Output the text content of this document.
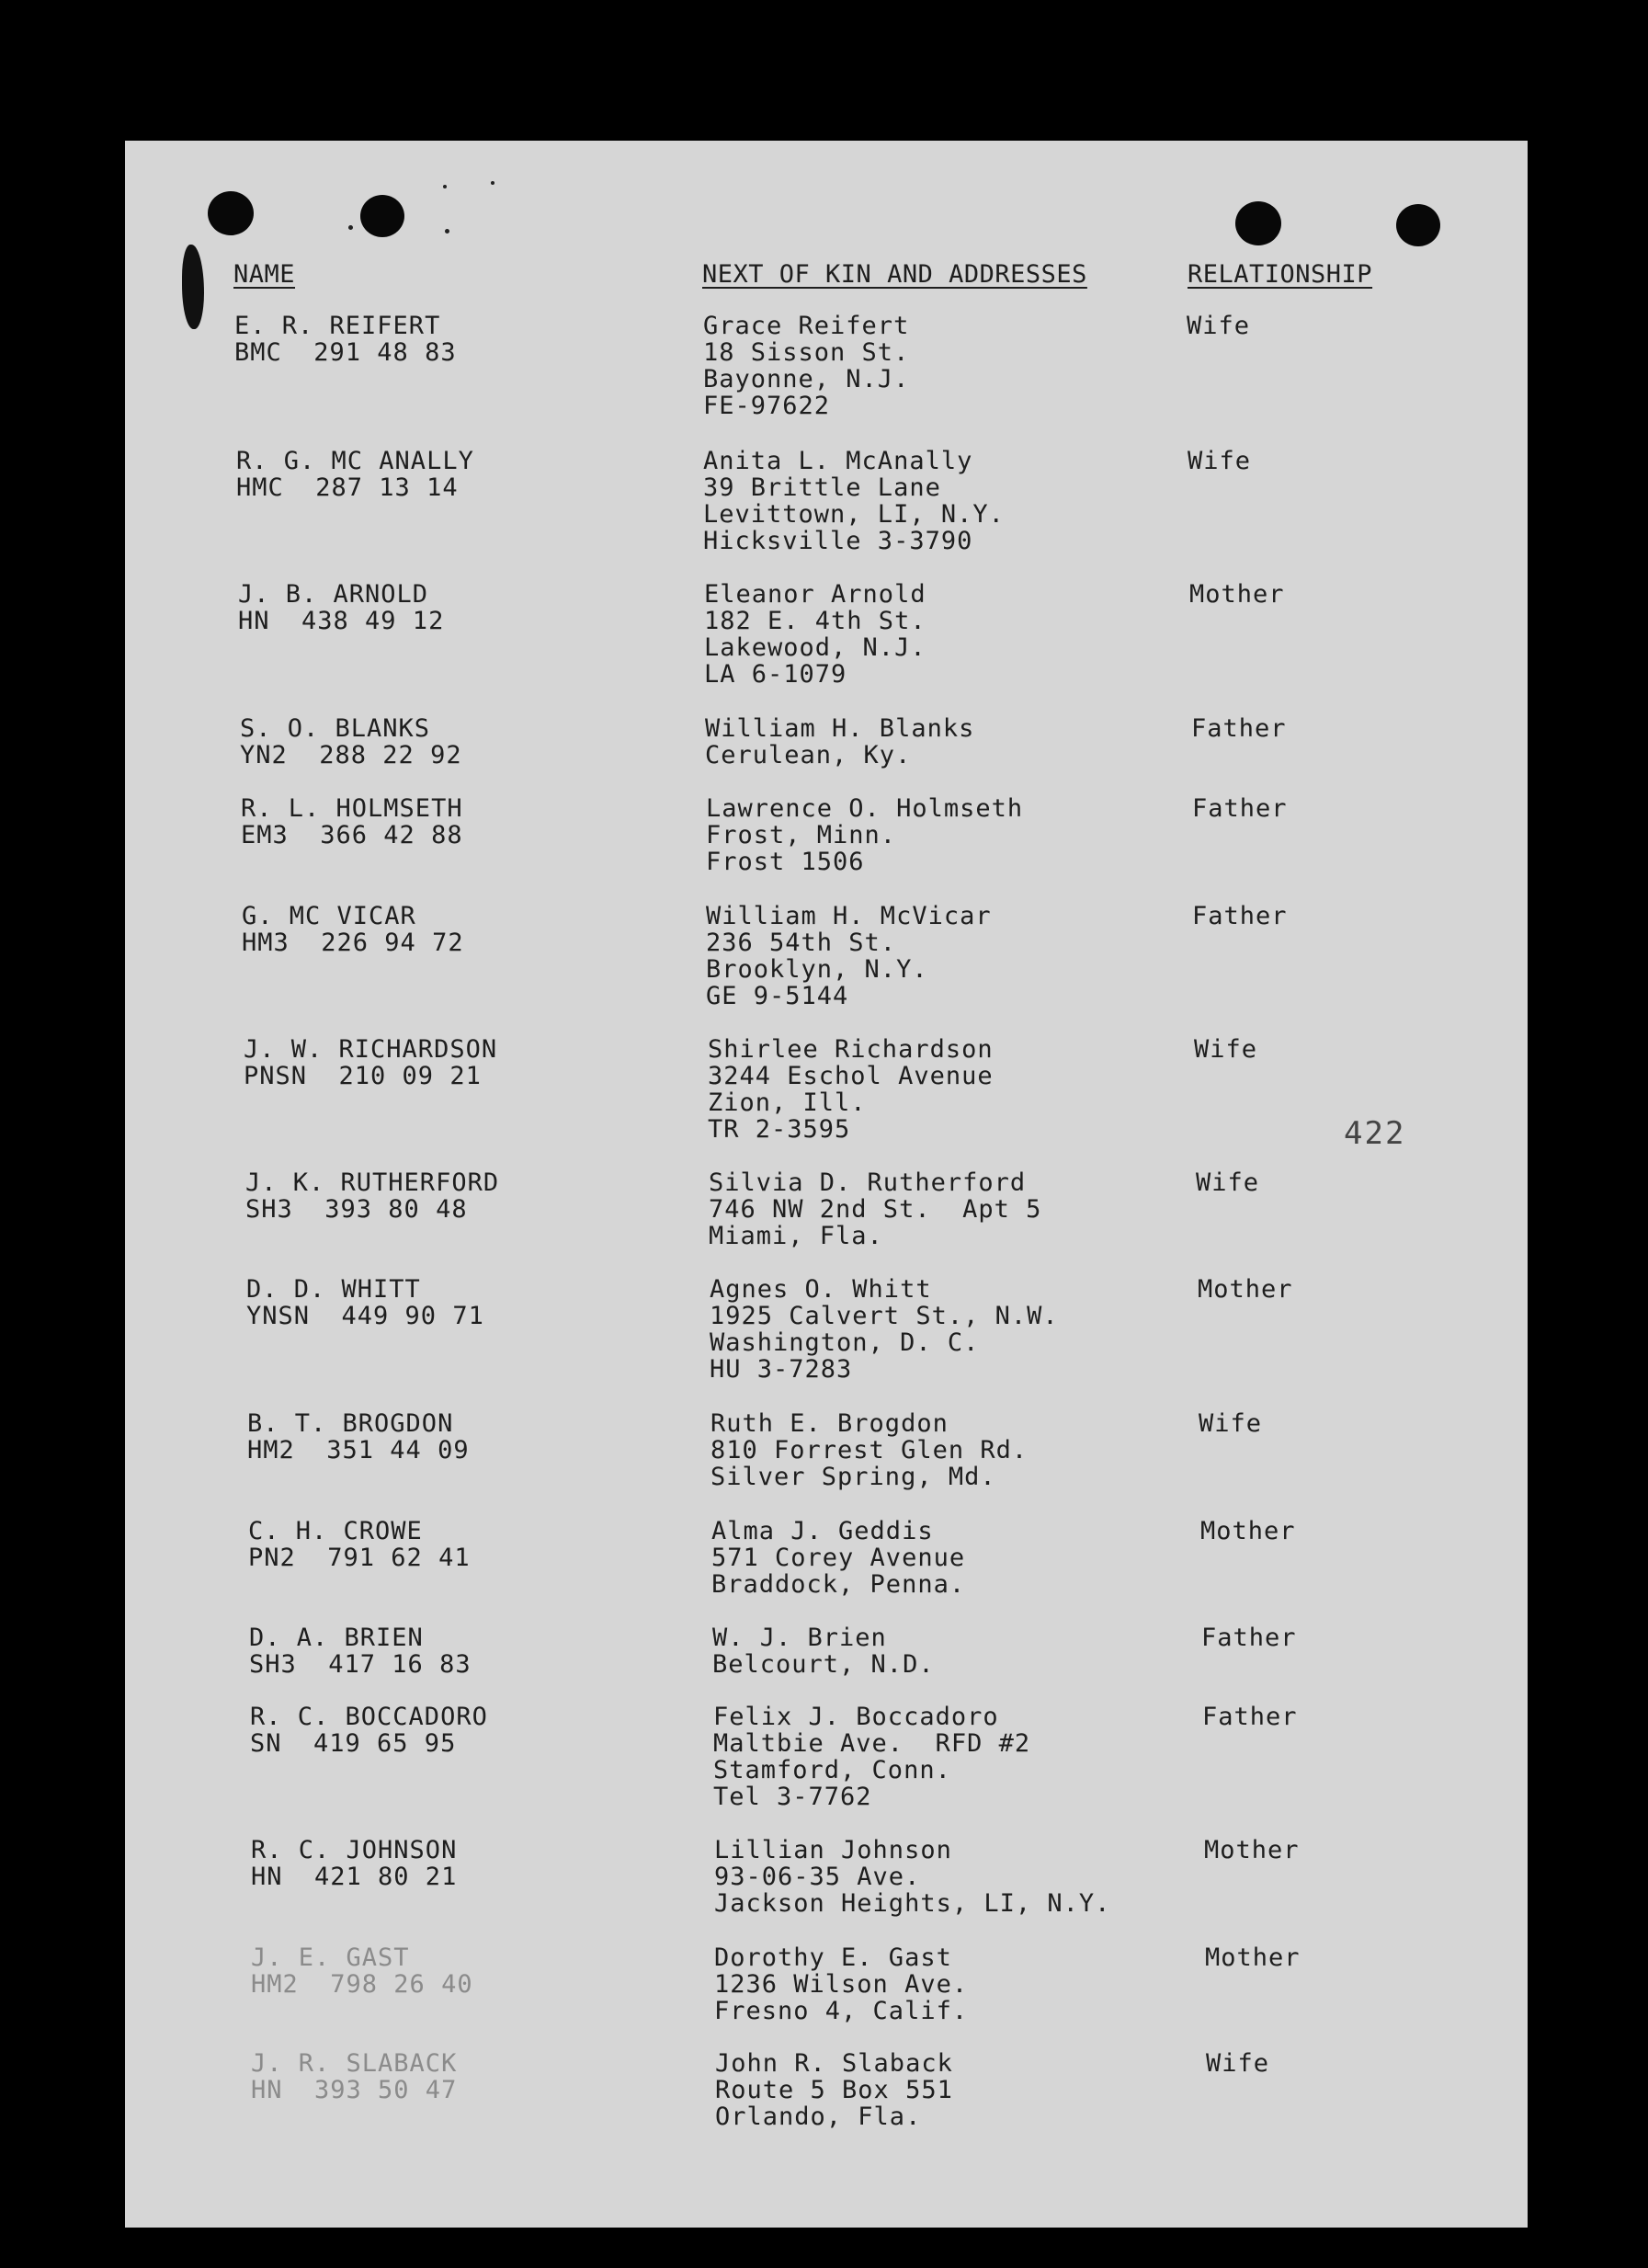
NAME	NEXT OF KIN AND ADDRESSES	RELATIONSHIP
422
E. R. REIFERT
BMC  291 48 83
Grace Reifert
18 Sisson St.
Bayonne, N.J.
FE-97622
Wife
R. G. MC ANALLY
HMC  287 13 14
Anita L. McAnally
39 Brittle Lane
Levittown, LI, N.Y.
Hicksville 3-3790
Wife
J. B. ARNOLD
HN  438 49 12
Eleanor Arnold
182 E. 4th St.
Lakewood, N.J.
LA 6-1079
Mother
S. O. BLANKS
YN2  288 22 92
William H. Blanks
Cerulean, Ky.
Father
R. L. HOLMSETH
EM3  366 42 88
Lawrence O. Holmseth
Frost, Minn.
Frost 1506
Father
G. MC VICAR
HM3  226 94 72
William H. McVicar
236 54th St.
Brooklyn, N.Y.
GE 9-5144
Father
J. W. RICHARDSON
PNSN  210 09 21
Shirlee Richardson
3244 Eschol Avenue
Zion, Ill.
TR 2-3595
Wife
J. K. RUTHERFORD
SH3  393 80 48
Silvia D. Rutherford
746 NW 2nd St.  Apt 5
Miami, Fla.
Wife
D. D. WHITT
YNSN  449 90 71
Agnes O. Whitt
1925 Calvert St., N.W.
Washington, D. C.
HU 3-7283
Mother
B. T. BROGDON
HM2  351 44 09
Ruth E. Brogdon
810 Forrest Glen Rd.
Silver Spring, Md.
Wife
C. H. CROWE
PN2  791 62 41
Alma J. Geddis
571 Corey Avenue
Braddock, Penna.
Mother
D. A. BRIEN
SH3  417 16 83
W. J. Brien
Belcourt, N.D.
Father
R. C. BOCCADORO
SN  419 65 95
Felix J. Boccadoro
Maltbie Ave.  RFD #2
Stamford, Conn.
Tel 3-7762
Father
R. C. JOHNSON
HN  421 80 21
Lillian Johnson
93-06-35 Ave.
Jackson Heights, LI, N.Y.
Mother
J. E. GAST
HM2  798 26 40
Dorothy E. Gast
1236 Wilson Ave.
Fresno 4, Calif.
Mother
J. R. SLABACK
HN  393 50 47
John R. Slaback
Route 5 Box 551
Orlando, Fla.
Wife
